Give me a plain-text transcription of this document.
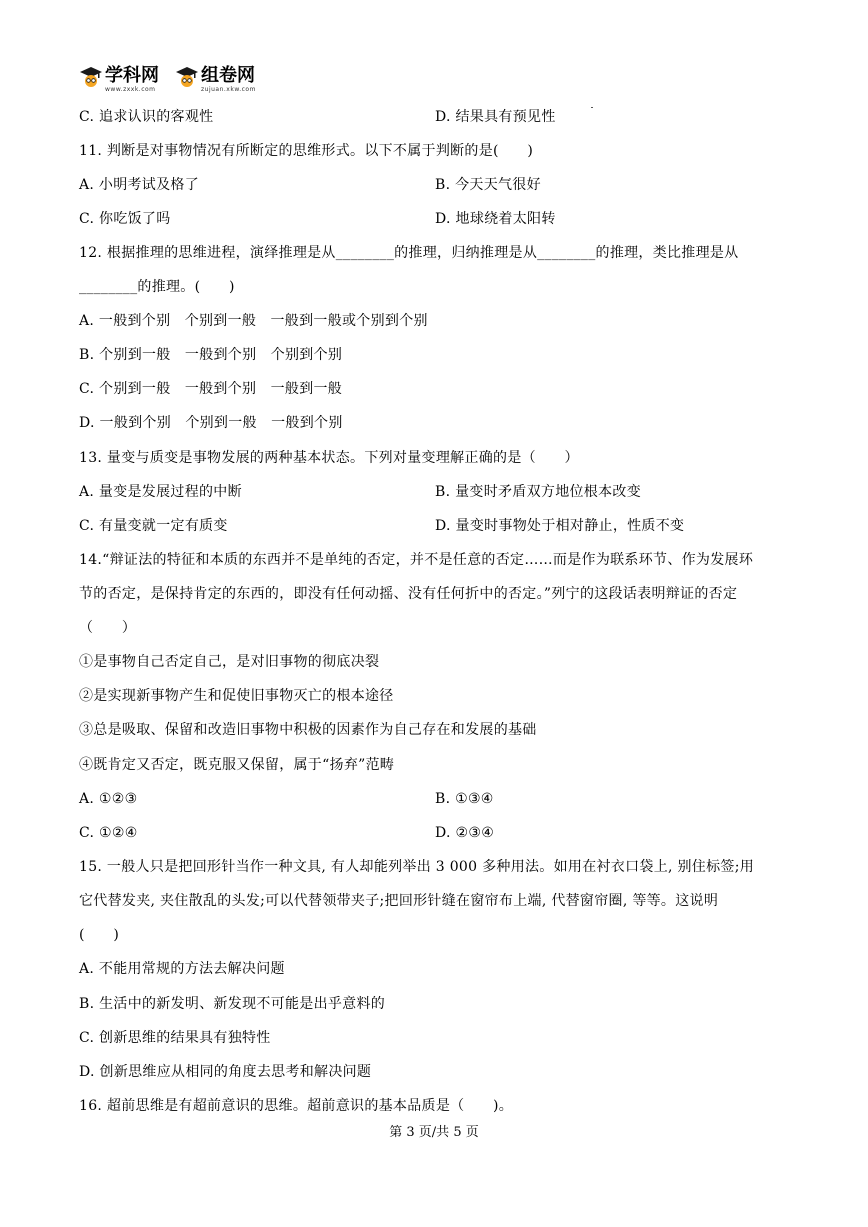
学科网
www.zxxk.com
组卷网
zujuan.xkw.com
C. 追求认识的客观性	D. 结果具有预见性
11. 判断是对事物情况有所断定的思维形式。以下不属于判断的是(　　)
A. 小明考试及格了	B. 今天天气很好
C. 你吃饭了吗	D. 地球绕着太阳转
12. 根据推理的思维进程，演绎推理是从________的推理，归纳推理是从________的推理，类比推理是从
________的推理。(　　)
A. 一般到个别　个别到一般　一般到一般或个别到个别
B. 个别到一般　一般到个别　个别到个别
C. 个别到一般　一般到个别　一般到一般
D. 一般到个别　个别到一般　一般到个别
13. 量变与质变是事物发展的两种基本状态。下列对量变理解正确的是（　　）
A. 量变是发展过程的中断	B. 量变时矛盾双方地位根本改变
C. 有量变就一定有质变	D. 量变时事物处于相对静止，性质不变
14.“辩证法的特征和本质的东西并不是单纯的否定，并不是任意的否定……而是作为联系环节、作为发展环
节的否定，是保持肯定的东西的，即没有任何动摇、没有任何折中的否定。”列宁的这段话表明辩证的否定
（　　）
①是事物自己否定自己，是对旧事物的彻底决裂
②是实现新事物产生和促使旧事物灭亡的根本途径
③总是吸取、保留和改造旧事物中积极的因素作为自己存在和发展的基础
④既肯定又否定，既克服又保留，属于“扬弃”范畴
A. ①②③	B. ①③④
C. ①②④	D. ②③④
15. 一般人只是把回形针当作一种文具, 有人却能列举出 3 000 多种用法。如用在衬衣口袋上, 别住标签;用
它代替发夹, 夹住散乱的头发;可以代替领带夹子;把回形针缝在窗帘布上端, 代替窗帘圈, 等等。这说明
(　　)
A. 不能用常规的方法去解决问题
B. 生活中的新发明、新发现不可能是出乎意料的
C. 创新思维的结果具有独特性
D. 创新思维应从相同的角度去思考和解决问题
16. 超前思维是有超前意识的思维。超前意识的基本品质是（　　)。
第 3 页/共 5 页
